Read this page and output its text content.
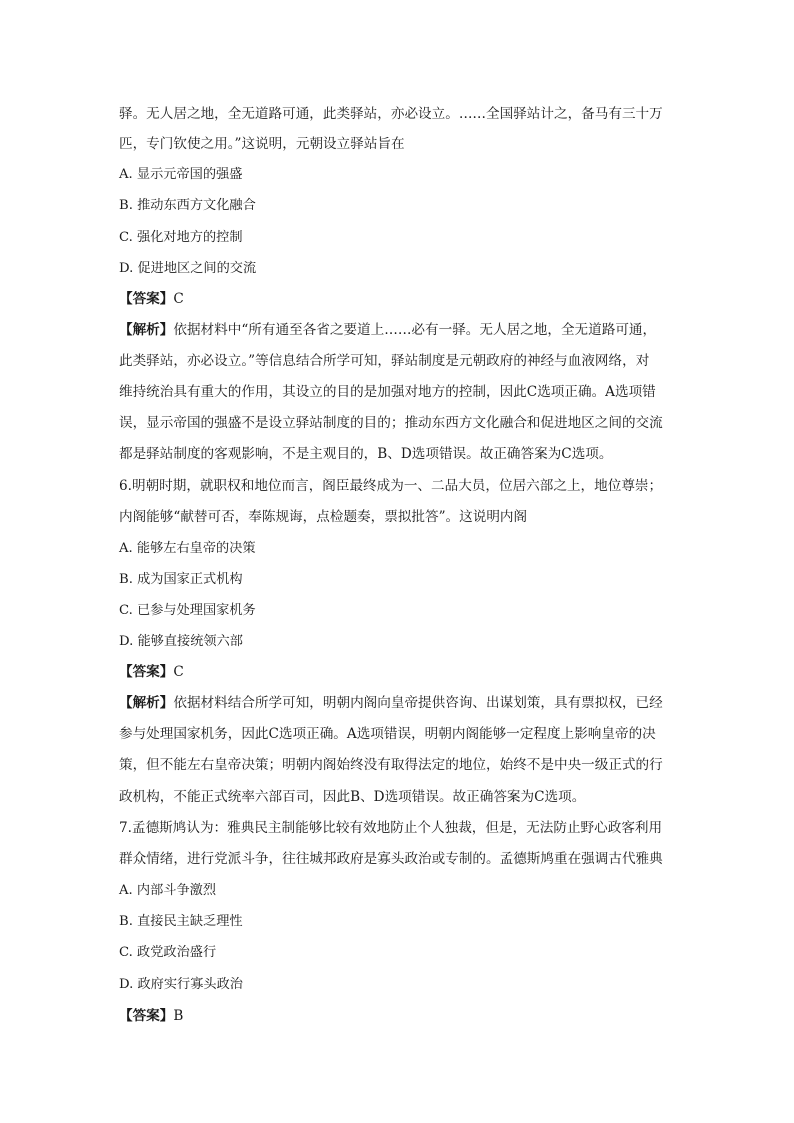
驿。无人居之地，全无道路可通，此类驿站，亦必设立。……全国驿站计之，备马有三十万
匹，专门钦使之用。”这说明，元朝设立驿站旨在
A. 显示元帝国的强盛
B. 推动东西方文化融合
C. 强化对地方的控制
D. 促进地区之间的交流
【答案】C
【解析】依据材料中“所有通至各省之要道上……必有一驿。无人居之地，全无道路可通，
此类驿站，亦必设立。”等信息结合所学可知，驿站制度是元朝政府的神经与血液网络，对
维持统治具有重大的作用，其设立的目的是加强对地方的控制，因此C选项正确。A选项错
误，显示帝国的强盛不是设立驿站制度的目的；推动东西方文化融合和促进地区之间的交流
都是驿站制度的客观影响，不是主观目的，B、D选项错误。故正确答案为C选项。
6.明朝时期，就职权和地位而言，阁臣最终成为一、二品大员，位居六部之上，地位尊崇；
内阁能够“献替可否，奉陈规诲，点检题奏，票拟批答”。这说明内阁
A. 能够左右皇帝的决策
B. 成为国家正式机构
C. 已参与处理国家机务
D. 能够直接统领六部
【答案】C
【解析】依据材料结合所学可知，明朝内阁向皇帝提供咨询、出谋划策，具有票拟权，已经
参与处理国家机务，因此C选项正确。A选项错误，明朝内阁能够一定程度上影响皇帝的决
策，但不能左右皇帝决策；明朝内阁始终没有取得法定的地位，始终不是中央一级正式的行
政机构，不能正式统率六部百司，因此B、D选项错误。故正确答案为C选项。
7.孟德斯鸠认为：雅典民主制能够比较有效地防止个人独裁，但是，无法防止野心政客利用
群众情绪，进行党派斗争，往往城邦政府是寡头政治或专制的。孟德斯鸠重在强调古代雅典
A. 内部斗争激烈
B. 直接民主缺乏理性
C. 政党政治盛行
D. 政府实行寡头政治
【答案】B
